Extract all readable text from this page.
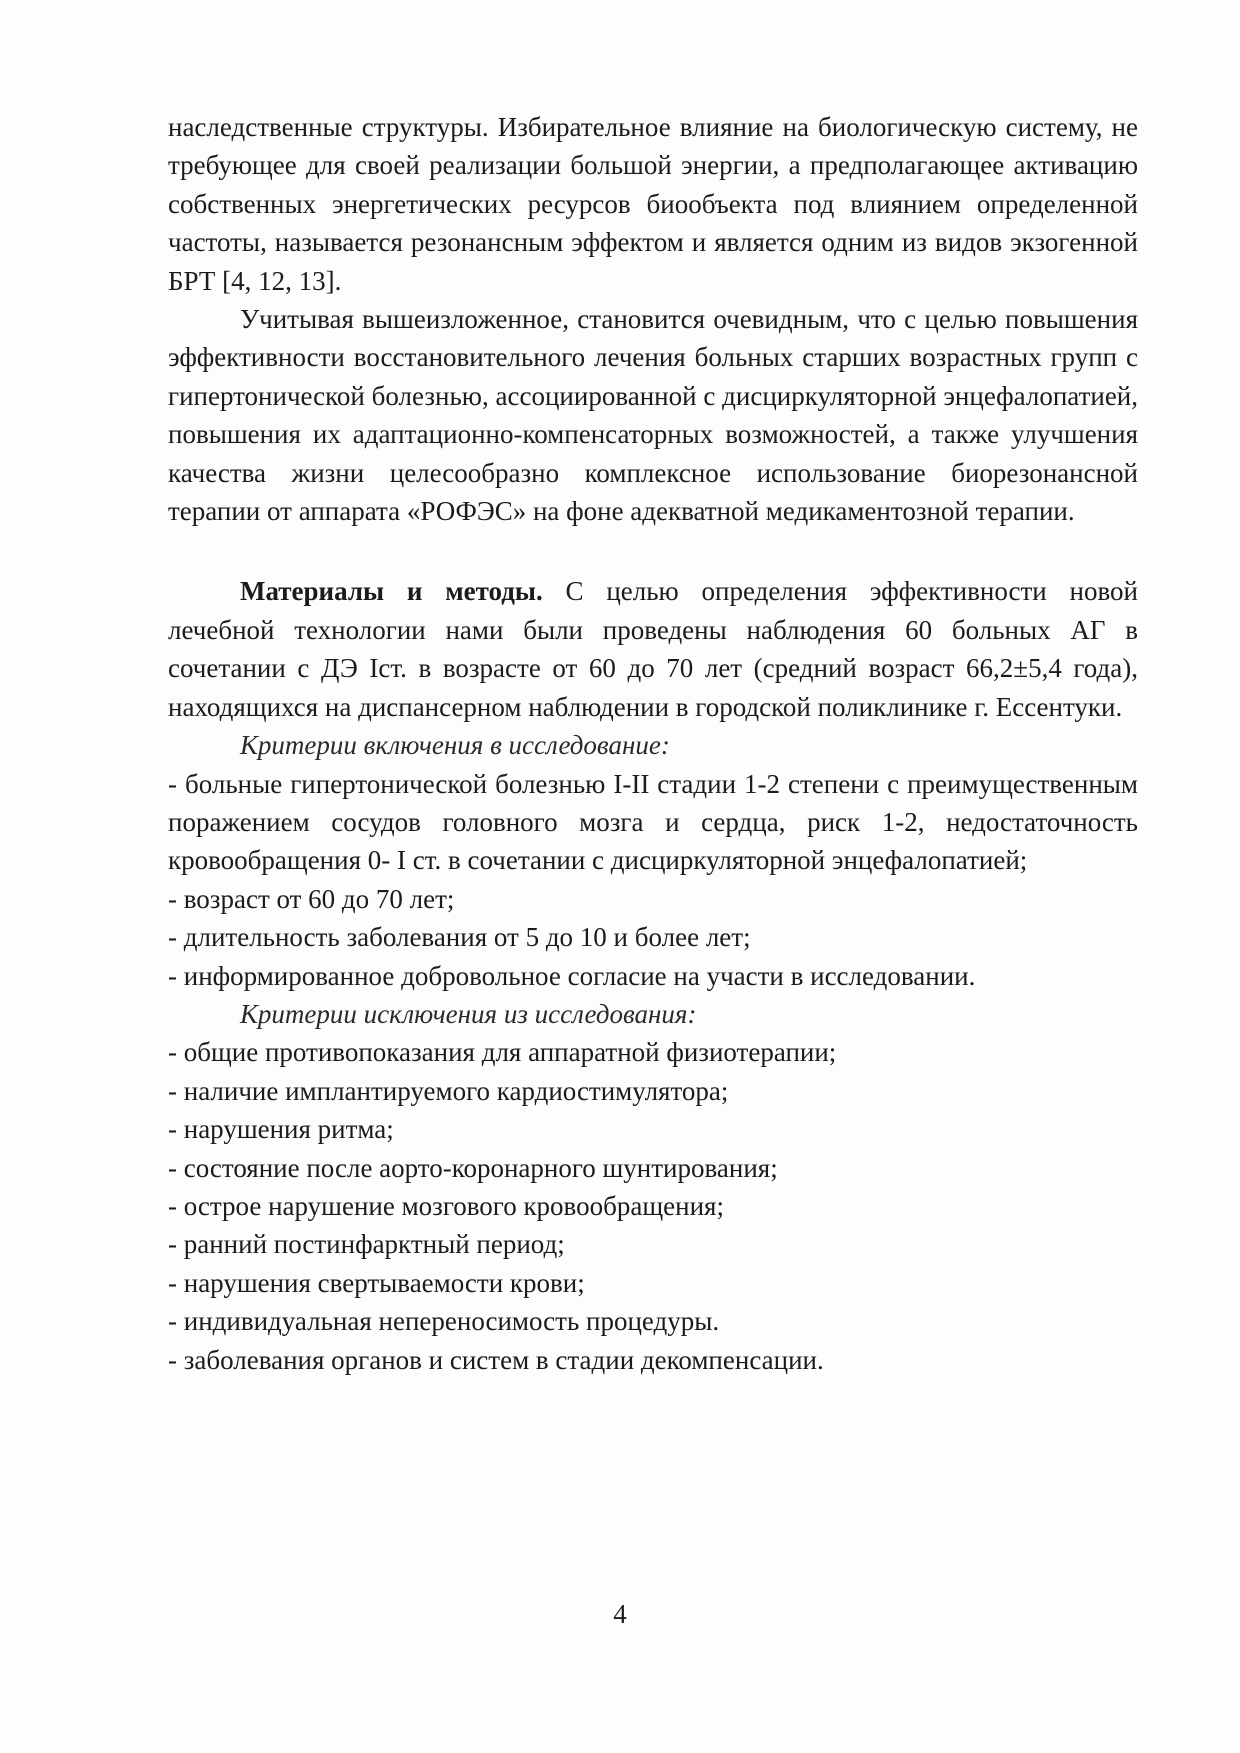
наследственные структуры. Избирательное влияние на биологическую систему, не требующее для своей реализации большой энергии, а предполагающее активацию собственных энергетических ресурсов биообъекта под влиянием определенной частоты, называется резонансным эффектом и является одним из видов экзогенной БРТ [4, 12, 13].

Учитывая вышеизложенное, становится очевидным, что с целью повышения эффективности восстановительного лечения больных старших возрастных групп с гипертонической болезнью, ассоциированной с дисциркуляторной энцефалопатией, повышения их адаптационно-компенсаторных возможностей, а также улучшения качества жизни целесообразно комплексное использование биорезонансной терапии от аппарата «РОФЭС» на фоне адекватной медикаментозной терапии.

Материалы и методы. С целью определения эффективности новой лечебной технологии нами были проведены наблюдения 60 больных АГ в сочетании с ДЭ Iст. в возрасте от 60 до 70 лет (средний возраст 66,2±5,4 года), находящихся на диспансерном наблюдении в городской поликлинике г. Ессентуки.

Критерии включения в исследование:

- больные гипертонической болезнью I-II стадии 1-2 степени с преимущественным поражением сосудов головного мозга и сердца, риск 1-2, недостаточность кровообращения 0- I ст. в сочетании с дисциркуляторной энцефалопатией;

- возраст от 60 до 70 лет;

- длительность заболевания от 5 до 10 и более лет;

- информированное добровольное согласие на участи в исследовании.

Критерии исключения из исследования:

- общие противопоказания для аппаратной физиотерапии;

- наличие имплантируемого кардиостимулятора;

- нарушения ритма;

- состояние после аорто-коронарного шунтирования;

- острое нарушение мозгового кровообращения;

- ранний постинфарктный период;

- нарушения свертываемости крови;

- индивидуальная непереносимость процедуры.

- заболевания органов и систем в стадии декомпенсации.

4
